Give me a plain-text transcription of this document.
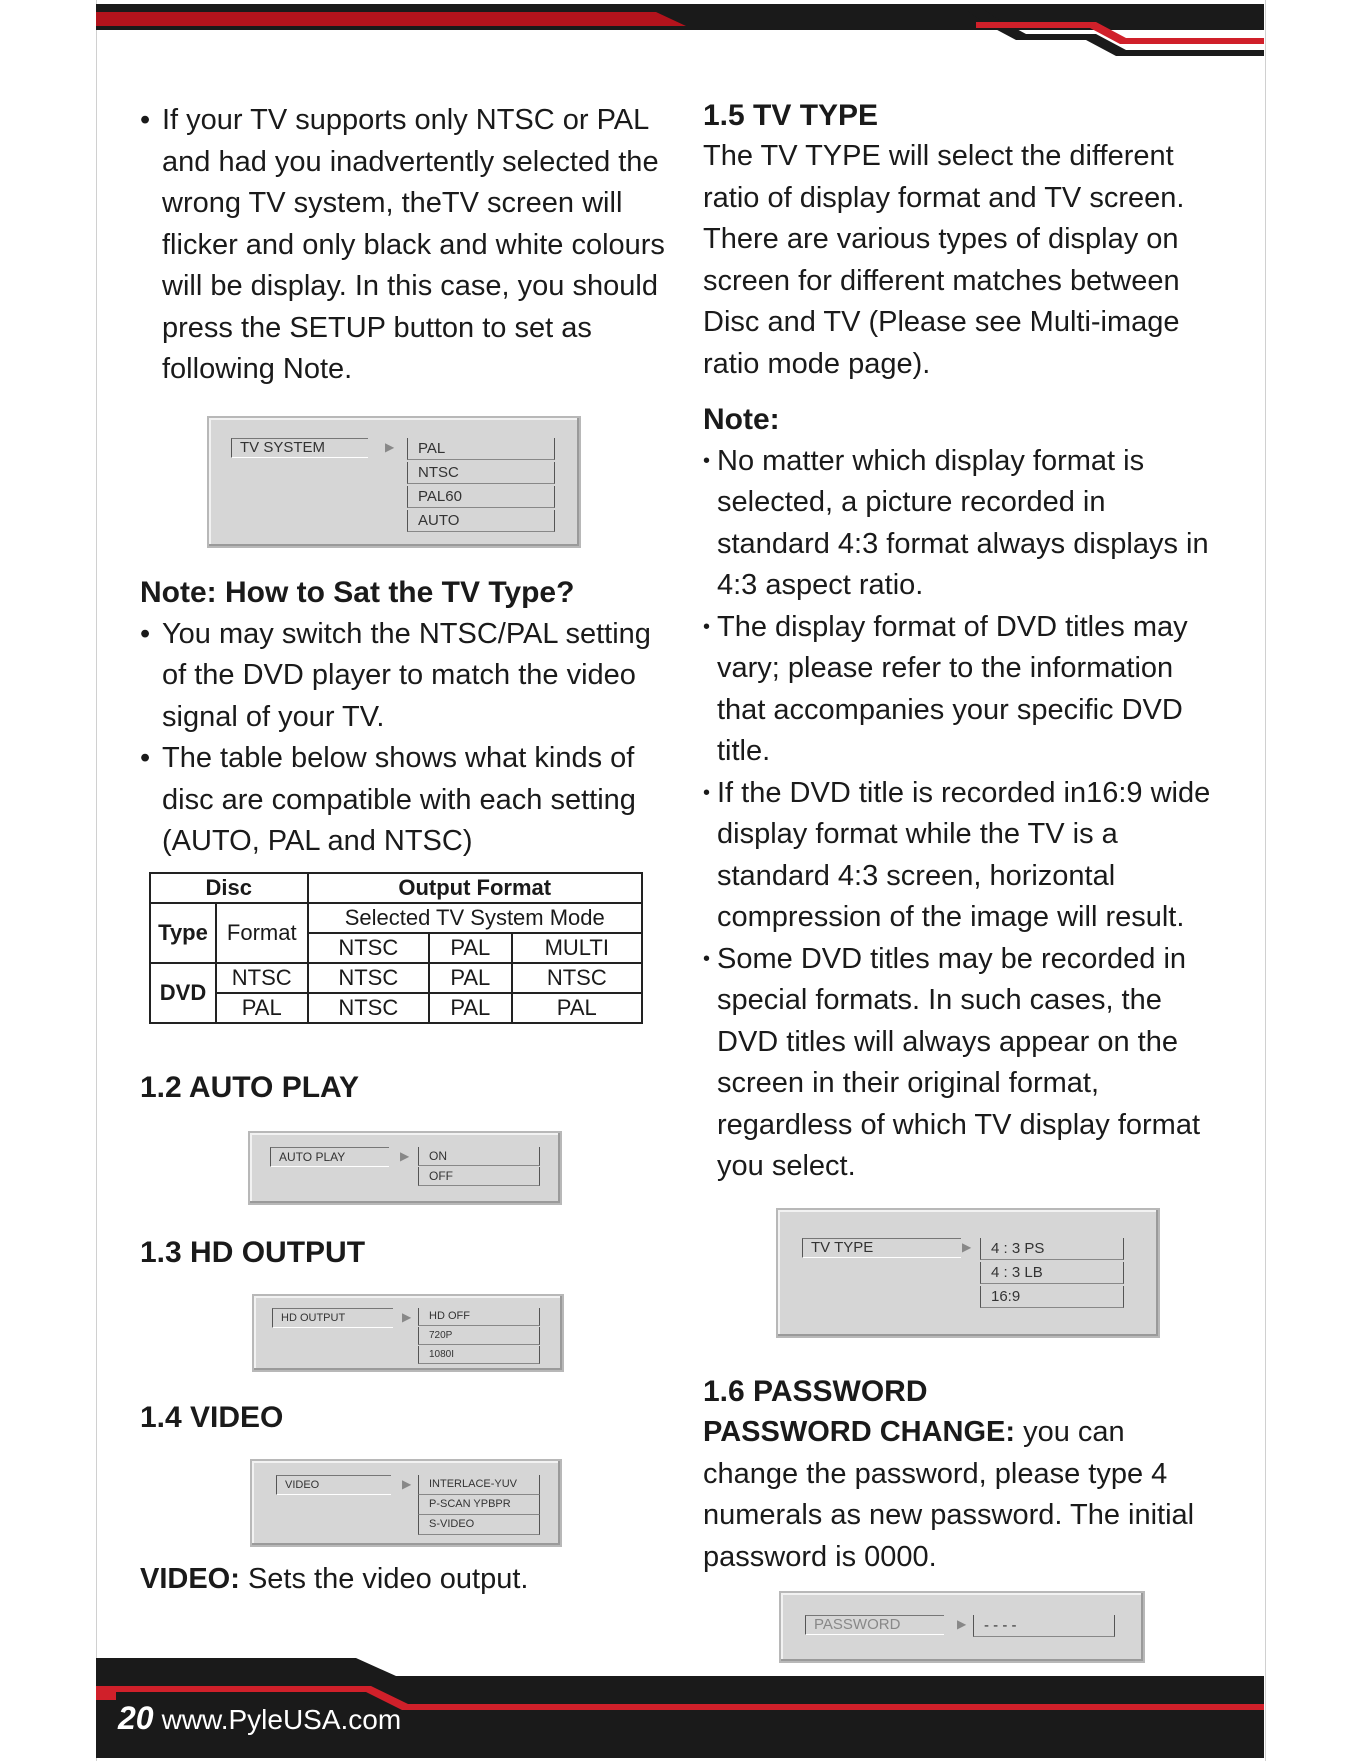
• If your TV supports only NTSC or PAL and had you inadvertently selected the wrong TV system, theTV screen will flicker and only black and white colours will be display. In this case, you should press the SETUP button to set as following Note.
TV SYSTEM	▶	PAL
NTSC
PAL60
AUTO
Note: How to Sat the TV Type?
• You may switch the NTSC/PAL setting of the DVD player to match the video signal of your TV.
• The table below shows what kinds of disc are compatible with each setting (AUTO, PAL and NTSC)
Disc		Output Format		
Type	Format	Selected TV System Mode		
		NTSC	PAL	MULTI
DVD	NTSC	NTSC	PAL	NTSC
	PAL	NTSC	PAL	PAL
1.2 AUTO PLAY
AUTO PLAY	▶	ON
OFF
1.3 HD OUTPUT
HD OUTPUT	▶	HD OFF
720P
1080I
1.4 VIDEO
VIDEO	▶	INTERLACE-YUV
P-SCAN YPBPR
S-VIDEO
VIDEO: Sets the video output.
1.5 TV TYPE
The TV TYPE will select the different ratio of display format and TV screen. There are various types of display on screen for different matches between Disc and TV (Please see Multi-image ratio mode page).
Note:
• No matter which display format is selected, a picture recorded in standard 4:3 format always displays in 4:3 aspect ratio.
• The display format of DVD titles may vary; please refer to the information that accompanies your specific DVD title.
• If the DVD title is recorded in16:9 wide display format while the TV is a standard 4:3 screen, horizontal compression of the image will result.
• Some DVD titles may be recorded in special formats. In such cases, the DVD titles will always appear on the screen in their original format, regardless of which TV display format you select.
TV TYPE	▶	4 : 3 PS
4 : 3 LB
16:9
1.6 PASSWORD
PASSWORD CHANGE: you can change the password, please type 4 numerals as new password. The initial password is 0000.
PASSWORD	▶	- - - -
20 www.PyleUSA.com
